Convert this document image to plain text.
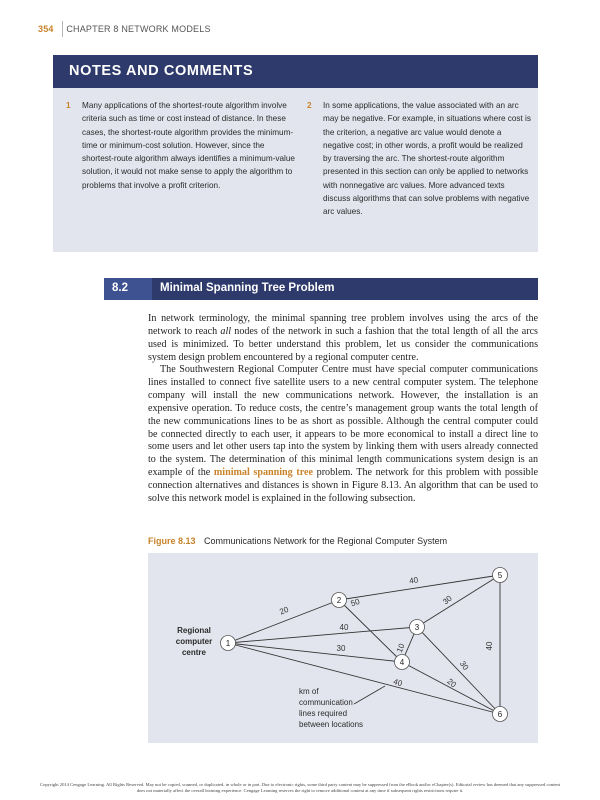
354 CHAPTER 8 NETWORK MODELS
NOTES AND COMMENTS
1 Many applications of the shortest-route algorithm involve criteria such as time or cost instead of distance. In these cases, the shortest-route algorithm provides the minimum-time or minimum-cost solution. However, since the shortest-route algorithm always identifies a minimum-value solution, it would not make sense to apply the algorithm to problems that involve a profit criterion.
2 In some applications, the value associated with an arc may be negative. For example, in situations where cost is the criterion, a negative arc value would denote a negative cost; in other words, a profit would be realized by traversing the arc. The shortest-route algorithm presented in this section can only be applied to networks with nonnegative arc values. More advanced texts discuss algorithms that can solve problems with negative arc values.
8.2	Minimal Spanning Tree Problem

In network terminology, the minimal spanning tree problem involves using the arcs of the network to reach all nodes of the network in such a fashion that the total length of all the arcs used is minimized. To better understand this problem, let us consider the communications system design problem encountered by a regional computer centre.

The Southwestern Regional Computer Centre must have special computer communications lines installed to connect five satellite users to a new central computer system. The telephone company will install the new communications network. However, the installation is an expensive operation. To reduce costs, the centre’s management group wants the total length of the new communications lines to be as short as possible. Although the central computer could be connected directly to each user, it appears to be more economical to install a direct line to some users and let other users tap into the system by linking them with users already connected to the system. The determination of this minimal length communications system design is an example of the minimal spanning tree problem. The network for this problem with possible connection alternatives and distances is shown in Figure 8.13. An algorithm that can be used to solve this network model is explained in the following subsection.

Figure 8.13 Communications Network for the Regional Computer System
20
40
30
40
50	30
10
30
20
40
40
1
2
3
4
5
6
Regional
computer
centre
km of
communication
lines required
between locations
Copyright 2014 Cengage Learning. All Rights Reserved. May not be copied, scanned, or duplicated, in whole or in part. Due to electronic rights, some third party content may be suppressed from the eBook and/or eChapter(s). Editorial review has deemed that any suppressed content does not materially affect the overall learning experience. Cengage Learning reserves the right to remove additional content at any time if subsequent rights restrictions require it.
